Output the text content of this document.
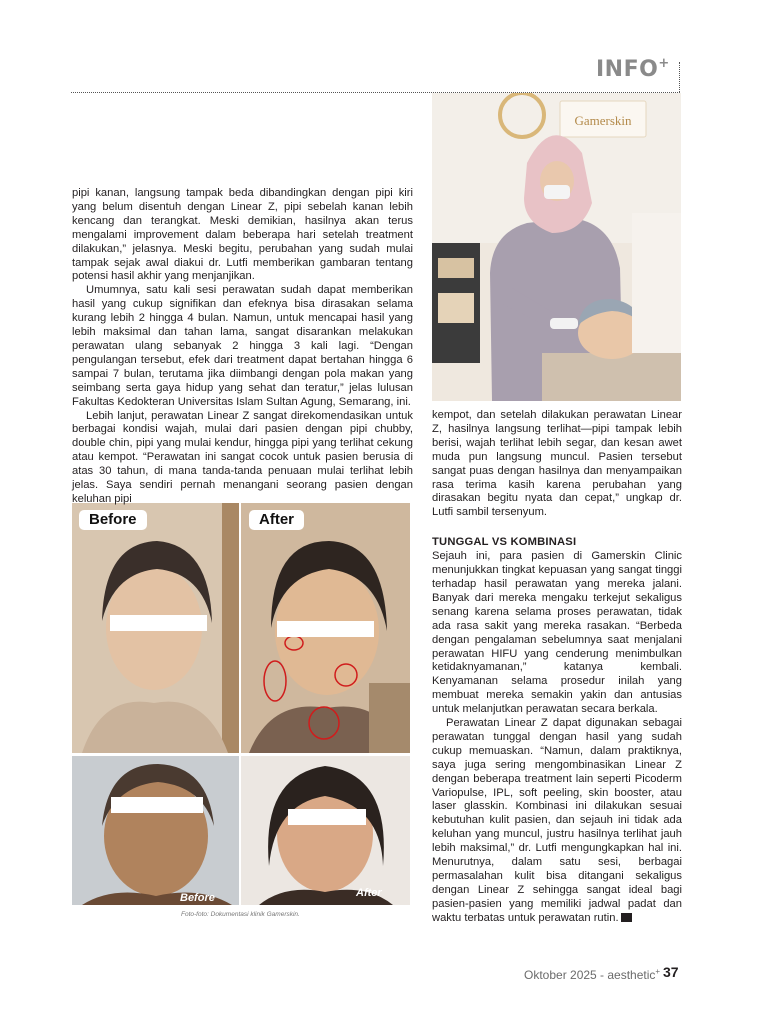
INFO+
Gamerskin
Before	After
Before	After
Foto-foto: Dokumentasi klinik Gamerskin.

pipi kanan, langsung tampak beda dibandingkan dengan pipi kiri yang belum disentuh dengan Linear Z, pipi sebelah kanan lebih kencang dan terangkat. Meski demikian, hasilnya akan terus mengalami improvement dalam beberapa hari setelah treatment dilakukan,” jelasnya. Meski begitu, perubahan yang sudah mulai tampak sejak awal diakui dr. Lutfi memberikan gambaran tentang potensi hasil akhir yang menjanjikan.

Umumnya, satu kali sesi perawatan sudah dapat memberikan hasil yang cukup signifikan dan efeknya bisa dirasakan selama kurang lebih 2 hingga 4 bulan. Namun, untuk mencapai hasil yang lebih maksimal dan tahan lama, sangat disarankan melakukan perawatan ulang sebanyak 2 hingga 3 kali lagi. “Dengan pengulangan tersebut, efek dari treatment dapat bertahan hingga 6 sampai 7 bulan, terutama jika diimbangi dengan pola makan yang seimbang serta gaya hidup yang sehat dan teratur,” jelas lulusan Fakultas Kedokteran Universitas Islam Sultan Agung, Semarang, ini.

Lebih lanjut, perawatan Linear Z sangat direkomendasikan untuk berbagai kondisi wajah, mulai dari pasien dengan pipi chubby, double chin, pipi yang mulai kendur, hingga pipi yang terlihat cekung atau kempot. “Perawatan ini sangat cocok untuk pasien berusia di atas 30 tahun, di mana tanda-tanda penuaan mulai terlihat lebih jelas. Saya sendiri pernah menangani seorang pasien dengan keluhan pipi

kempot, dan setelah dilakukan perawatan Linear Z, hasilnya langsung terlihat—pipi tampak lebih berisi, wajah terlihat lebih segar, dan kesan awet muda pun langsung muncul. Pasien tersebut sangat puas dengan hasilnya dan menyampaikan rasa terima kasih karena perubahan yang dirasakan begitu nyata dan cepat,” ungkap dr. Lutfi sambil tersenyum.

TUNGGAL VS KOMBINASI

Sejauh ini, para pasien di Gamerskin Clinic menunjukkan tingkat kepuasan yang sangat tinggi terhadap hasil perawatan yang mereka jalani. Banyak dari mereka mengaku terkejut sekaligus senang karena selama proses perawatan, tidak ada rasa sakit yang mereka rasakan. “Berbeda dengan pengalaman sebelumnya saat menjalani perawatan HIFU yang cenderung menimbulkan ketidaknyamanan,” katanya kembali. Kenyamanan selama prosedur inilah yang membuat mereka semakin yakin dan antusias untuk melanjutkan perawatan secara berkala.

Perawatan Linear Z dapat digunakan sebagai perawatan tunggal dengan hasil yang sudah cukup memuaskan. “Namun, dalam praktiknya, saya juga sering mengombinasikan Linear Z dengan beberapa treatment lain seperti Picoderm Variopulse, IPL, soft peeling, skin booster, atau laser glasskin. Kombinasi ini dilakukan sesuai kebutuhan kulit pasien, dan sejauh ini tidak ada keluhan yang muncul, justru hasilnya terlihat jauh lebih maksimal,” dr. Lutfi mengungkapkan hal ini. Menurutnya, dalam satu sesi, berbagai permasalahan kulit bisa ditangani sekaligus dengan Linear Z sehingga sangat ideal bagi pasien-pasien yang memiliki jadwal padat dan waktu terbatas untuk perawatan rutin.

Oktober 2025 - aesthetic+ 37
